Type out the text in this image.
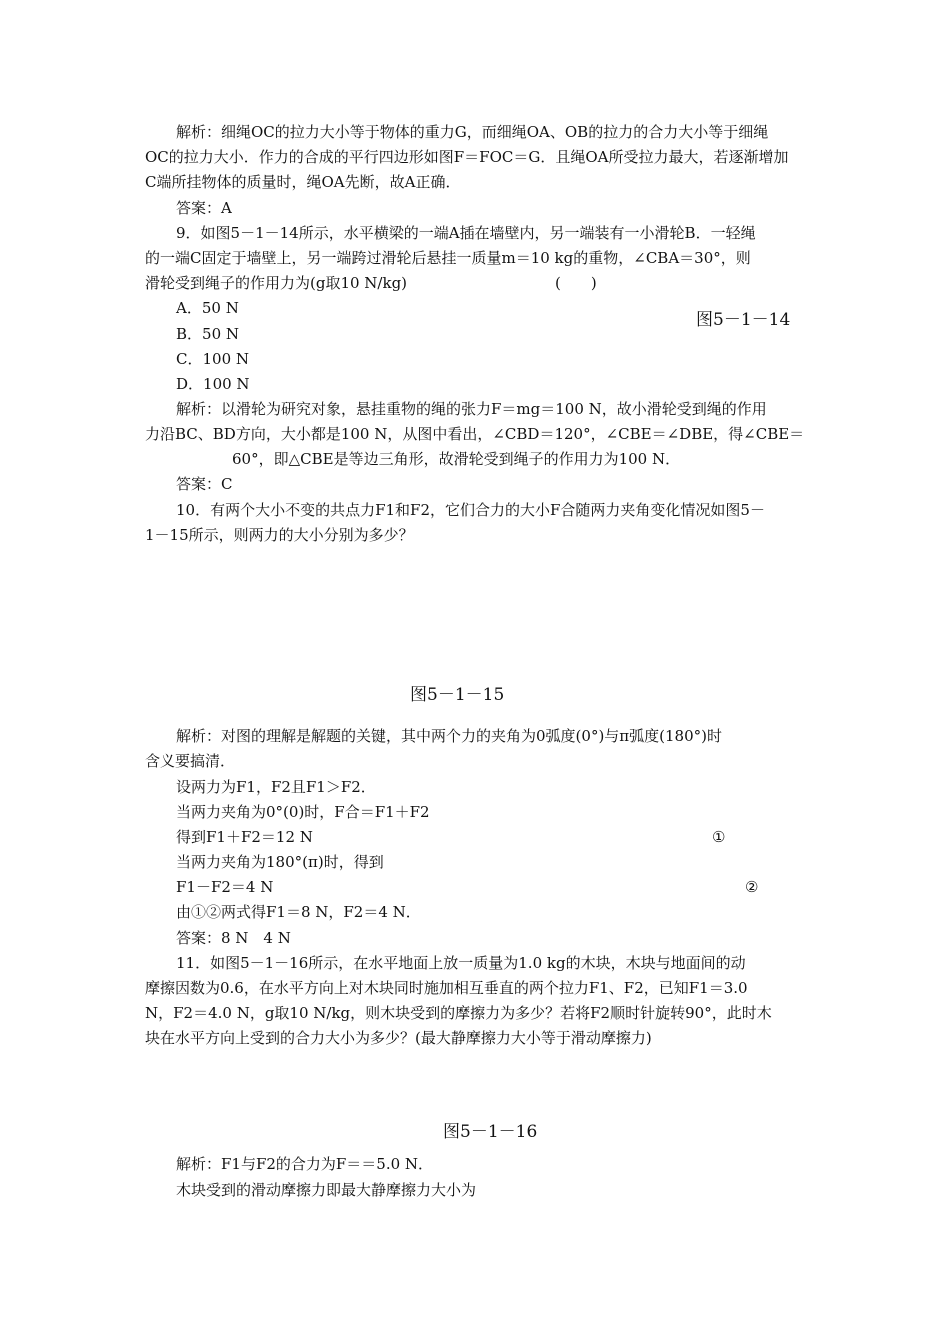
解析：细绳OC的拉力大小等于物体的重力G，而细绳OA、OB的拉力的合力大小等于细绳
OC的拉力大小．作力的合成的平行四边形如图F＝FOC＝G．且绳OA所受拉力最大，若逐渐增加
C端所挂物体的质量时，绳OA先断，故A正确．
答案：A
9．如图5－1－14所示，水平横梁的一端A插在墙壁内，另一端装有一小滑轮B．一轻绳
的一端C固定于墙壁上，另一端跨过滑轮后悬挂一质量m＝10 kg的重物，∠CBA＝30°，则
滑轮受到绳子的作用力为(g取10 N/kg)	(　　)
A．50 N
图5－1－14
B．50 N
C．100 N
D．100 N
解析：以滑轮为研究对象，悬挂重物的绳的张力F＝mg＝100 N，故小滑轮受到绳的作用
力沿BC、BD方向，大小都是100 N，从图中看出，∠CBD＝120°，∠CBE＝∠DBE，得∠CBE＝
60°，即△CBE是等边三角形，故滑轮受到绳子的作用力为100 N．
答案：C
10．有两个大小不变的共点力F1和F2，它们合力的大小F合随两力夹角变化情况如图5－
1－15所示，则两力的大小分别为多少？
图5－1－15
解析：对图的理解是解题的关键，其中两个力的夹角为0弧度(0°)与π弧度(180°)时
含义要搞清．
设两力为F1，F2且F1＞F2．
当两力夹角为0°(0)时，F合＝F1＋F2
得到F1＋F2＝12 N	①
当两力夹角为180°(π)时，得到
F1－F2＝4 N	②
由①②两式得F1＝8 N，F2＝4 N．
答案：8 N　4 N
11．如图5－1－16所示，在水平地面上放一质量为1.0 kg的木块，木块与地面间的动
摩擦因数为0.6，在水平方向上对木块同时施加相互垂直的两个拉力F1、F2，已知F1＝3.0
N，F2＝4.0 N，g取10 N/kg，则木块受到的摩擦力为多少？若将F2顺时针旋转90°，此时木
块在水平方向上受到的合力大小为多少？(最大静摩擦力大小等于滑动摩擦力)
图5－1－16
解析：F1与F2的合力为F＝＝5.0 N．
木块受到的滑动摩擦力即最大静摩擦力大小为
